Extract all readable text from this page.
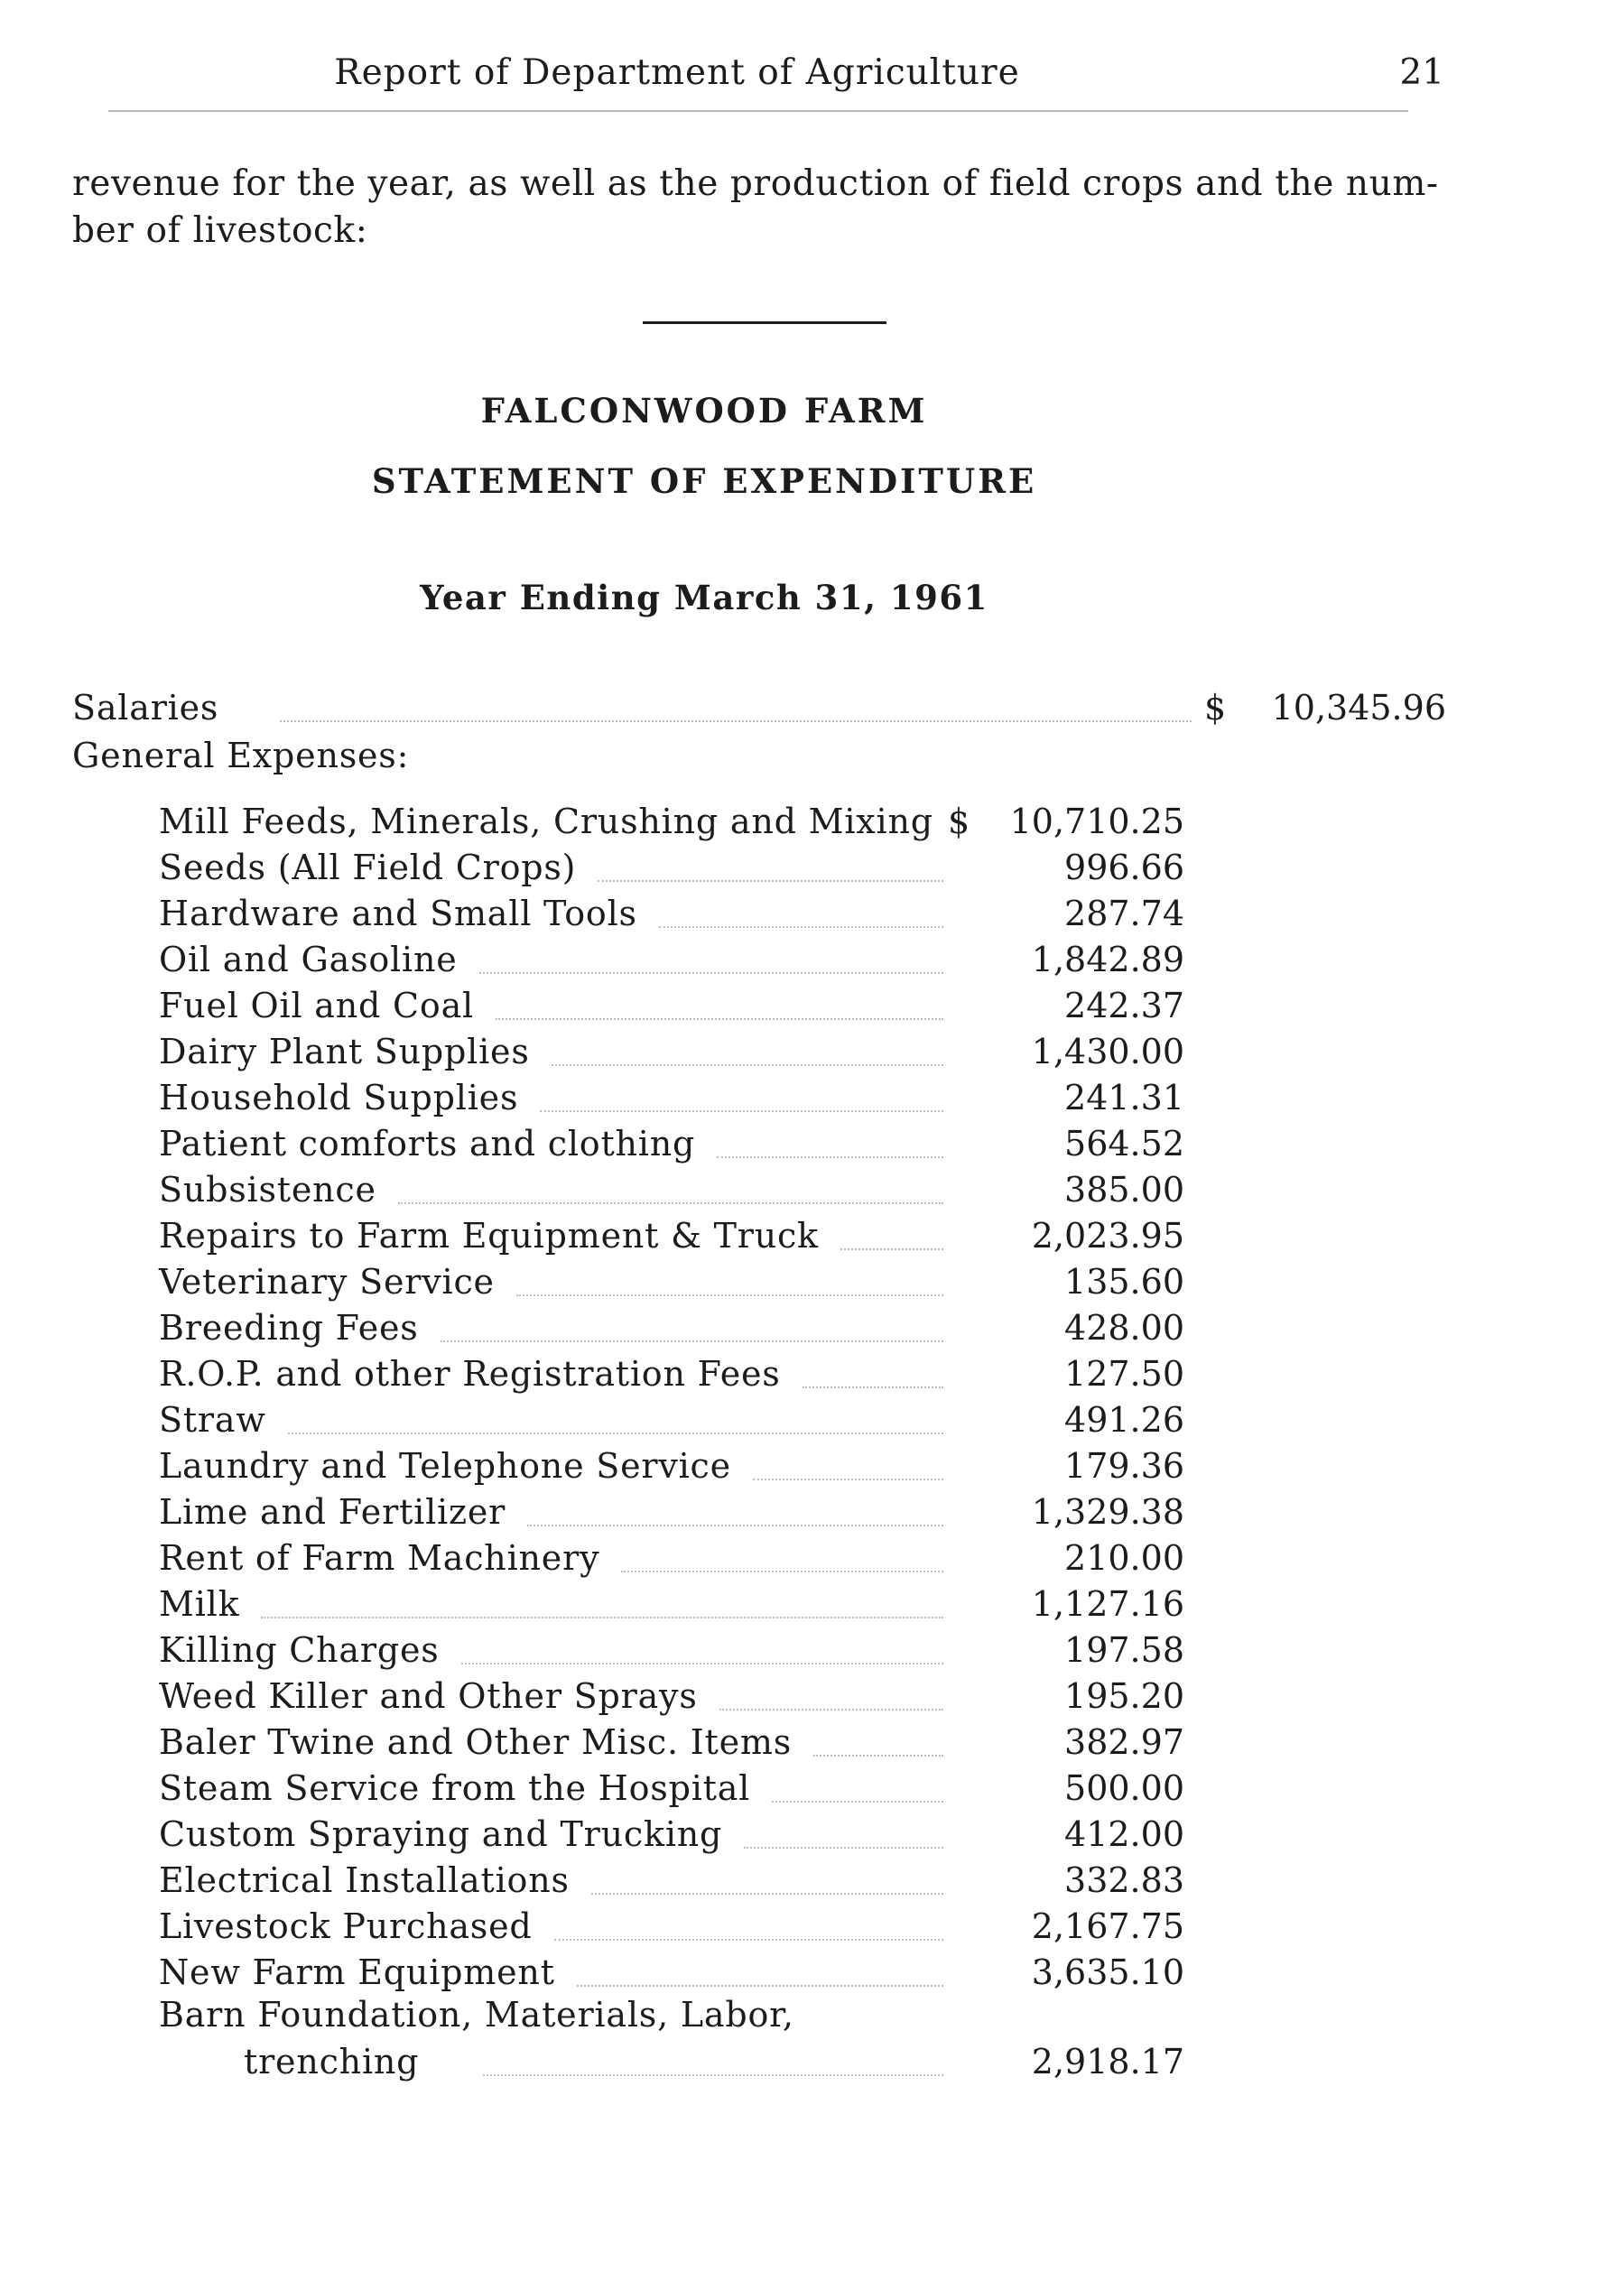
Report of Department of Agriculture	21
revenue for the year, as well as the production of field crops and the num-
ber of livestock:
FALCONWOOD FARM
STATEMENT OF EXPENDITURE
Year Ending March 31, 1961
Salaries	$	10,345.96
General Expenses:
Mill Feeds, Minerals, Crushing and Mixing $	10,710.25
Seeds (All Field Crops)	996.66
Hardware and Small Tools	287.74
Oil and Gasoline	1,842.89
Fuel Oil and Coal	242.37
Dairy Plant Supplies	1,430.00
Household Supplies	241.31
Patient comforts and clothing	564.52
Subsistence	385.00
Repairs to Farm Equipment & Truck	2,023.95
Veterinary Service	135.60
Breeding Fees	428.00
R.O.P. and other Registration Fees	127.50
Straw	491.26
Laundry and Telephone Service	179.36
Lime and Fertilizer	1,329.38
Rent of Farm Machinery	210.00
Milk	1,127.16
Killing Charges	197.58
Weed Killer and Other Sprays	195.20
Baler Twine and Other Misc. Items	382.97
Steam Service from the Hospital	500.00
Custom Spraying and Trucking	412.00
Electrical Installations	332.83
Livestock Purchased	2,167.75
New Farm Equipment	3,635.10
Barn Foundation, Materials, Labor,
trenching	2,918.17
